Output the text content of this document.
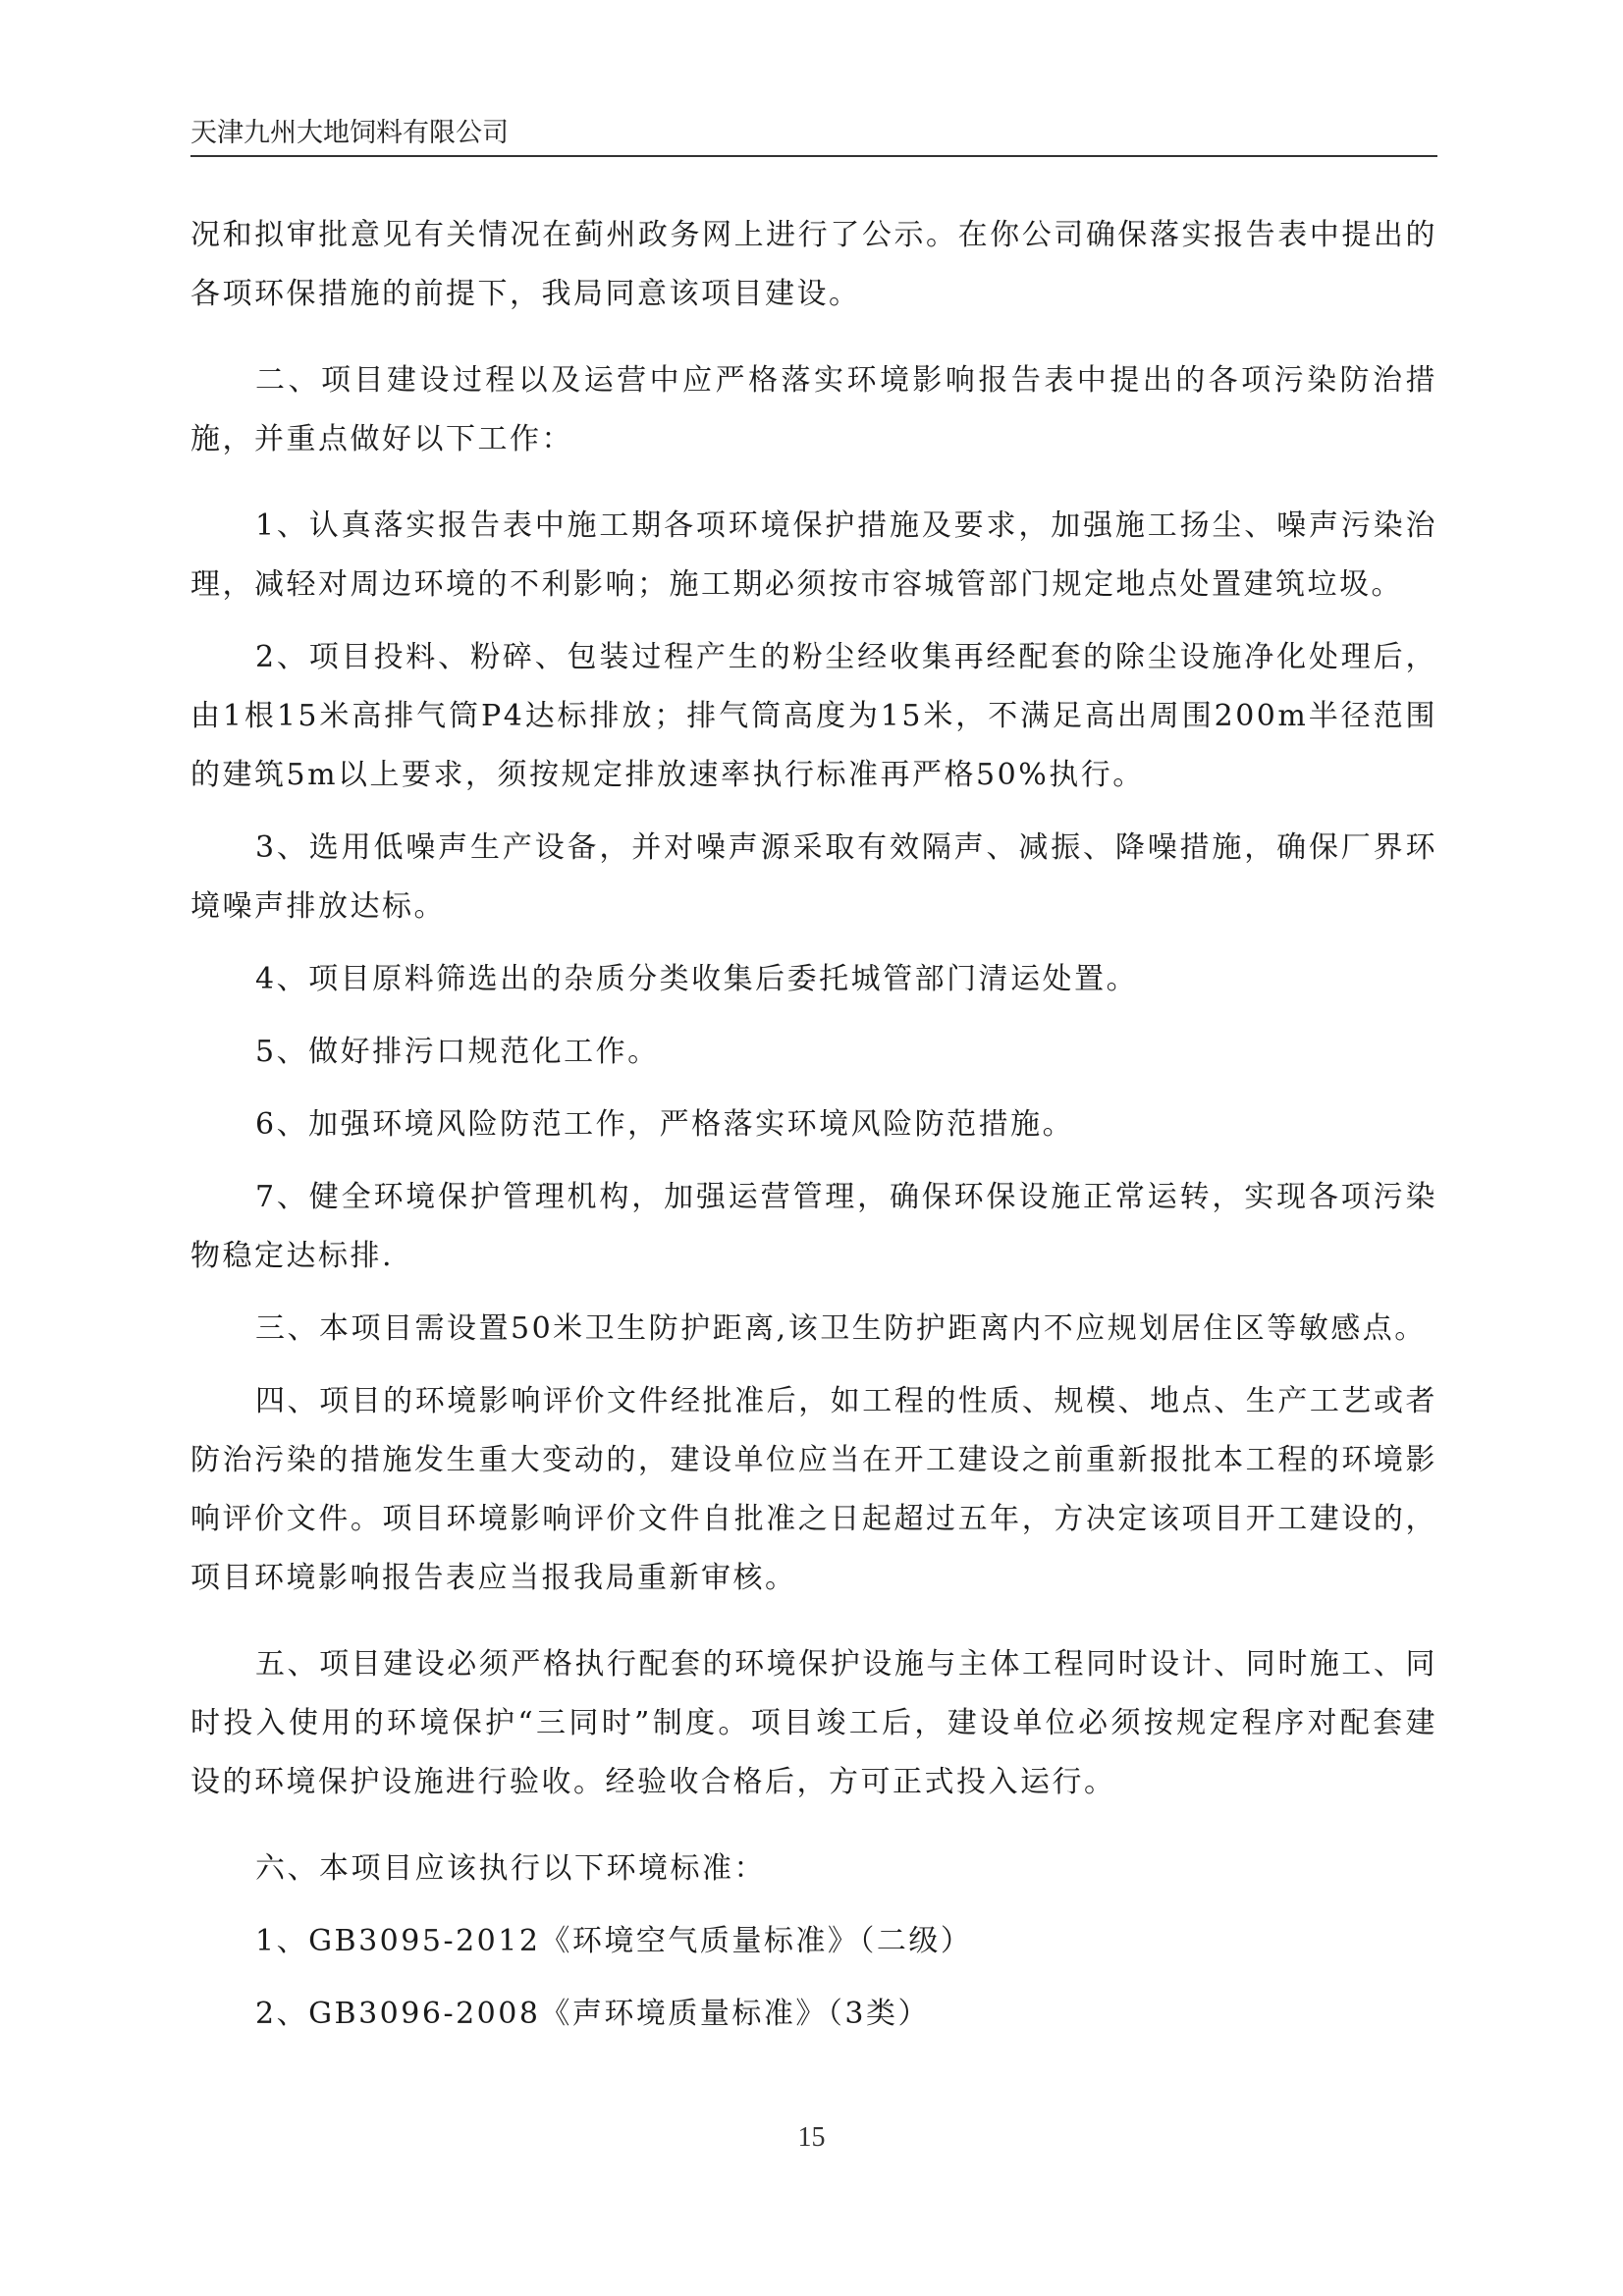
天津九州大地饲料有限公司

况和拟审批意见有关情况在蓟州政务网上进行了公示。在你公司确保落实报告表中提出的各项环保措施的前提下，我局同意该项目建设。

二、项目建设过程以及运营中应严格落实环境影响报告表中提出的各项污染防治措施，并重点做好以下工作：

1、认真落实报告表中施工期各项环境保护措施及要求，加强施工扬尘、噪声污染治理，减轻对周边环境的不利影响；施工期必须按市容城管部门规定地点处置建筑垃圾。

2、项目投料、粉碎、包装过程产生的粉尘经收集再经配套的除尘设施净化处理后，由1根15米高排气筒P4达标排放；排气筒高度为15米，不满足高出周围200m半径范围的建筑5m以上要求，须按规定排放速率执行标准再严格50%执行。

3、选用低噪声生产设备，并对噪声源采取有效隔声、减振、降噪措施，确保厂界环境噪声排放达标。

4、项目原料筛选出的杂质分类收集后委托城管部门清运处置。

5、做好排污口规范化工作。

6、加强环境风险防范工作，严格落实环境风险防范措施。

7、健全环境保护管理机构，加强运营管理，确保环保设施正常运转，实现各项污染物稳定达标排.

三、本项目需设置50米卫生防护距离,该卫生防护距离内不应规划居住区等敏感点。

四、项目的环境影响评价文件经批准后，如工程的性质、规模、地点、生产工艺或者防治污染的措施发生重大变动的，建设单位应当在开工建设之前重新报批本工程的环境影响评价文件。项目环境影响评价文件自批准之日起超过五年，方决定该项目开工建设的，项目环境影响报告表应当报我局重新审核。

五、项目建设必须严格执行配套的环境保护设施与主体工程同时设计、同时施工、同时投入使用的环境保护“三同时”制度。项目竣工后，建设单位必须按规定程序对配套建设的环境保护设施进行验收。经验收合格后，方可正式投入运行。

六、本项目应该执行以下环境标准：

1、GB3095-2012《环境空气质量标准》（二级）

2、GB3096-2008《声环境质量标准》（3类）

15
